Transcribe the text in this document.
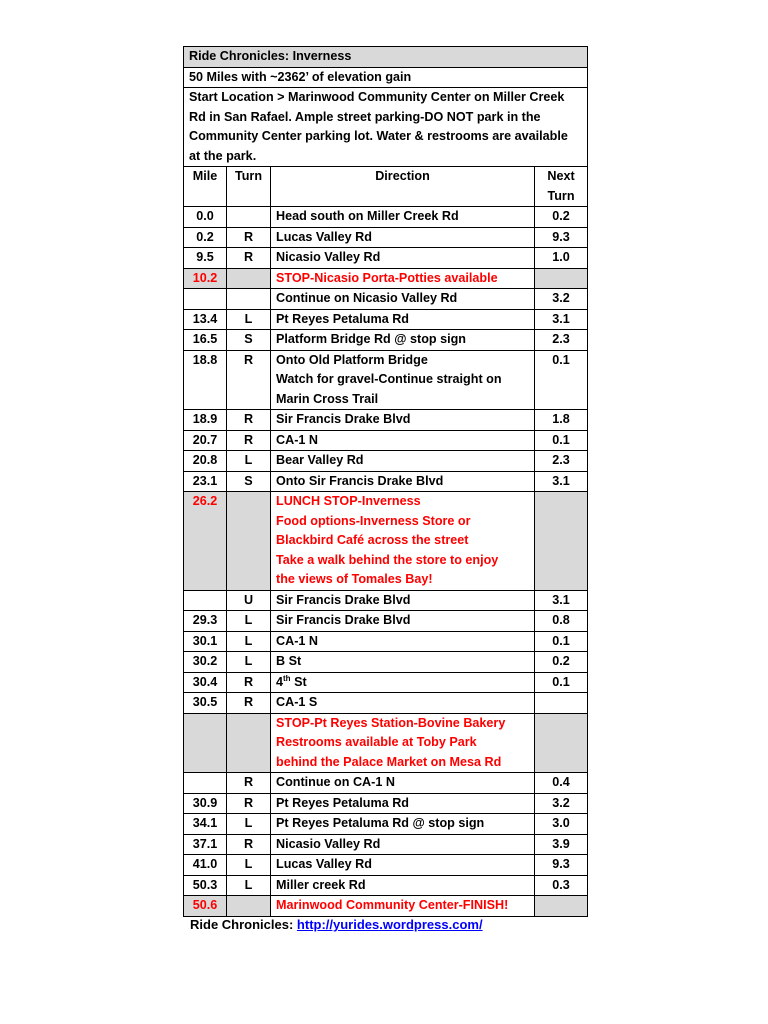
Ride Chronicles: Inverness			
50 Miles with ~2362’ of elevation gain			
Start Location > Marinwood Community Center on Miller Creek Rd in San Rafael. Ample street parking-DO NOT park in the Community Center parking lot. Water & restrooms are available at the park.			
Mile	Turn	Direction	Next Turn
0.0		Head south on Miller Creek Rd	0.2
0.2	R	Lucas Valley Rd	9.3
9.5	R	Nicasio Valley Rd	1.0
10.2		STOP-Nicasio Porta-Potties available	

		Continue on Nicasio Valley Rd	3.2
13.4	L	Pt Reyes Petaluma Rd	3.1
16.5	S	Platform Bridge Rd @ stop sign	2.3
18.8	R	Onto Old Platform Bridge
Watch for gravel-Continue straight on
Marin Cross Trail	0.1
18.9	R	Sir Francis Drake Blvd	1.8
20.7	R	CA-1 N	0.1
20.8	L	Bear Valley Rd	2.3
23.1	S	Onto Sir Francis Drake Blvd	3.1
26.2		LUNCH STOP-Inverness
Food options-Inverness Store or
Blackbird Café across the street
Take a walk behind the store to enjoy
the views of Tomales Bay!	

	U	Sir Francis Drake Blvd	3.1
29.3	L	Sir Francis Drake Blvd	0.8
30.1	L	CA-1 N	0.1
30.2	L	B St	0.2
30.4	R	4th St	0.1
30.5	R	CA-1 S	

		STOP-Pt Reyes Station-Bovine Bakery
Restrooms available at Toby Park
behind the Palace Market on Mesa Rd	

	R	Continue on CA-1 N	0.4
30.9	R	Pt Reyes Petaluma Rd	3.2
34.1	L	Pt Reyes Petaluma Rd @ stop sign	3.0
37.1	R	Nicasio Valley Rd	3.9
41.0	L	Lucas Valley Rd	9.3
50.3	L	Miller creek Rd	0.3
50.6		Marinwood Community Center-FINISH!	

Ride Chronicles: http://yurides.wordpress.com/
